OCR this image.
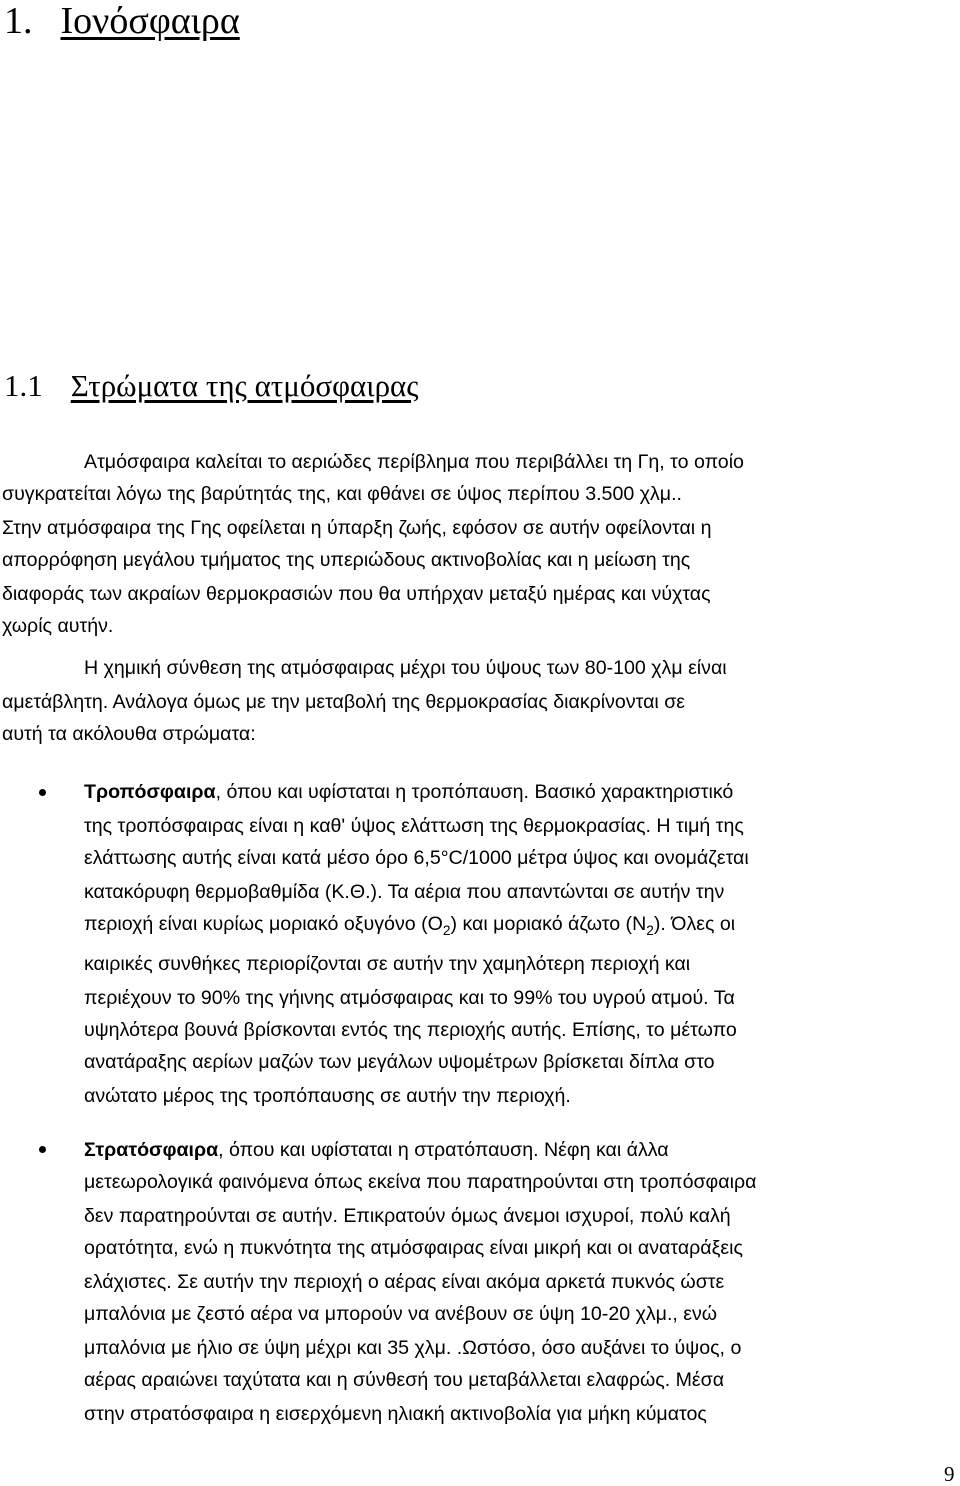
1. Ιονόσφαιρα
1.1 Στρώματα της ατμόσφαιρας
Ατμόσφαιρα καλείται το αεριώδες περίβλημα που περιβάλλει τη Γη, το οποίο
συγκρατείται λόγω της βαρύτητάς της, και φθάνει σε ύψος περίπου 3.500 χλμ..
Στην ατμόσφαιρα της Γης οφείλεται η ύπαρξη ζωής, εφόσον σε αυτήν οφείλονται η
απορρόφηση μεγάλου τμήματος της υπεριώδους ακτινοβολίας και η μείωση της
διαφοράς των ακραίων θερμοκρασιών που θα υπήρχαν μεταξύ ημέρας και νύχτας
χωρίς αυτήν.
Η χημική σύνθεση της ατμόσφαιρας μέχρι του ύψους των 80-100 χλμ είναι
αμετάβλητη. Ανάλογα όμως με την μεταβολή της θερμοκρασίας διακρίνονται σε
αυτή τα ακόλουθα στρώματα:
Τροπόσφαιρα, όπου και υφίσταται η τροπόπαυση. Βασικό χαρακτηριστικό
της τροπόσφαιρας είναι η καθ' ύψος ελάττωση της θερμοκρασίας. Η τιμή της
ελάττωσης αυτής είναι κατά μέσο όρο 6,5°C/1000 μέτρα ύψος και ονομάζεται
κατακόρυφη θερμοβαθμίδα (Κ.Θ.). Τα αέρια που απαντώνται σε αυτήν την
περιοχή είναι κυρίως μοριακό οξυγόνο $(O_2)$ και μοριακό άζωτο $(N_2)$. Όλες οι
καιρικές συνθήκες περιορίζονται σε αυτήν την χαμηλότερη περιοχή και
περιέχουν το 90% της γήινης ατμόσφαιρας και το 99% του υγρού ατμού. Τα
υψηλότερα βουνά βρίσκονται εντός της περιοχής αυτής. Επίσης, το μέτωπο
ανατάραξης αερίων μαζών των μεγάλων υψομέτρων βρίσκεται δίπλα στο
ανώτατο μέρος της τροπόπαυσης σε αυτήν την περιοχή.
Στρατόσφαιρα, όπου και υφίσταται η στρατόπαυση. Νέφη και άλλα
μετεωρολογικά φαινόμενα όπως εκείνα που παρατηρούνται στη τροπόσφαιρα
δεν παρατηρούνται σε αυτήν. Επικρατούν όμως άνεμοι ισχυροί, πολύ καλή
ορατότητα, ενώ η πυκνότητα της ατμόσφαιρας είναι μικρή και οι αναταράξεις
ελάχιστες. Σε αυτήν την περιοχή ο αέρας είναι ακόμα αρκετά πυκνός ώστε
μπαλόνια με ζεστό αέρα να μπορούν να ανέβουν σε ύψη 10-20 χλμ., ενώ
μπαλόνια με ήλιο σε ύψη μέχρι και 35 χλμ. .Ωστόσο, όσο αυξάνει το ύψος, ο
αέρας αραιώνει ταχύτατα και η σύνθεσή του μεταβάλλεται ελαφρώς. Μέσα
στην στρατόσφαιρα η εισερχόμενη ηλιακή ακτινοβολία για μήκη κύματος
9
